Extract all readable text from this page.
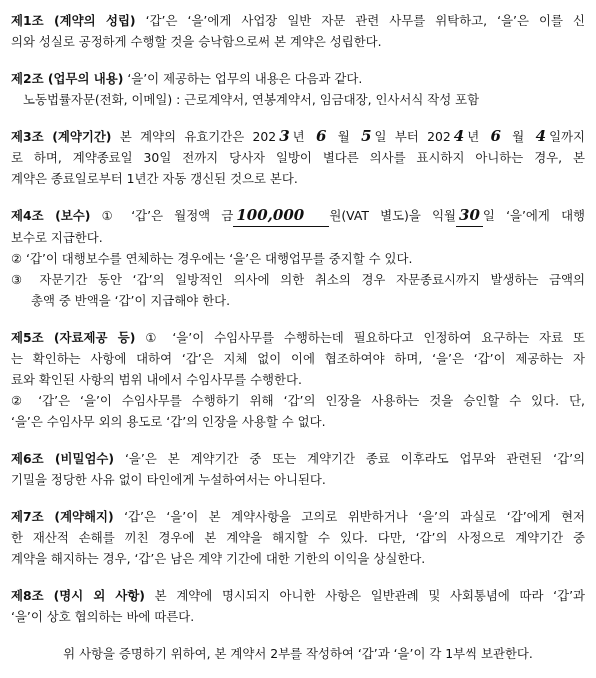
제1조 (계약의 성립) ‘갑’은 ‘을’에게 사업장 일반 자문 관련 사무를 위탁하고, ‘을’은 이를 신
의와 성실로 공정하게 수행할 것을 승낙함으로써 본 계약은 성립한다.
제2조 (업무의 내용) ‘을’이 제공하는 업무의 내용은 다음과 같다.
노동법률자문(전화, 이메일) : 근로계약서, 연봉계약서, 임금대장, 인사서식 작성 포함
제3조 (계약기간) 본 계약의 유효기간은 202 3 년 6 월 5 일 부터 202 4 년 6 월 4 일까지
로 하며, 계약종료일 30일 전까지 당사자 일방이 별다른 의사를 표시하지 아니하는 경우, 본
계약은 종료일로부터 1년간 자동 갱신된 것으로 본다.
제4조 (보수) ① ‘갑’은 월정액 금 100,000 원(VAT 별도)을 익월 30 일 ‘을’에게 대행
보수로 지급한다.
② ‘갑’이 대행보수를 연체하는 경우에는 ‘을’은 대행업무를 중지할 수 있다.
③ 자문기간 동안 ‘갑’의 일방적인 의사에 의한 취소의 경우 자문종료시까지 발생하는 금액의
총액 중 반액을 ‘갑’이 지급해야 한다.
제5조 (자료제공 등) ① ‘을’이 수임사무를 수행하는데 필요하다고 인정하여 요구하는 자료 또
는 확인하는 사항에 대하여 ‘갑’은 지체 없이 이에 협조하여야 하며, ‘을’은 ‘갑’이 제공하는 자
료와 확인된 사항의 범위 내에서 수임사무를 수행한다.
② ‘갑’은 ‘을’이 수임사무를 수행하기 위해 ‘갑’의 인장을 사용하는 것을 승인할 수 있다. 단,
‘을’은 수임사무 외의 용도로 ‘갑’의 인장을 사용할 수 없다.
제6조 (비밀엄수) ‘을’은 본 계약기간 중 또는 계약기간 종료 이후라도 업무와 관련된 ‘갑’의
기밀을 정당한 사유 없이 타인에게 누설하여서는 아니된다.
제7조 (계약해지) ‘갑’은 ‘을’이 본 계약사항을 고의로 위반하거나 ‘을’의 과실로 ‘갑’에게 현저
한 재산적 손해를 끼친 경우에 본 계약을 해지할 수 있다. 다만, ‘갑’의 사정으로 계약기간 중
계약을 해지하는 경우, ‘갑’은 남은 계약 기간에 대한 기한의 이익을 상실한다.
제8조 (명시 외 사항) 본 계약에 명시되지 아니한 사항은 일반관례 및 사회통념에 따라 ‘갑’과
‘을’이 상호 협의하는 바에 따른다.
위 사항을 증명하기 위하여, 본 계약서 2부를 작성하여 ‘갑’과 ‘을’이 각 1부씩 보관한다.
